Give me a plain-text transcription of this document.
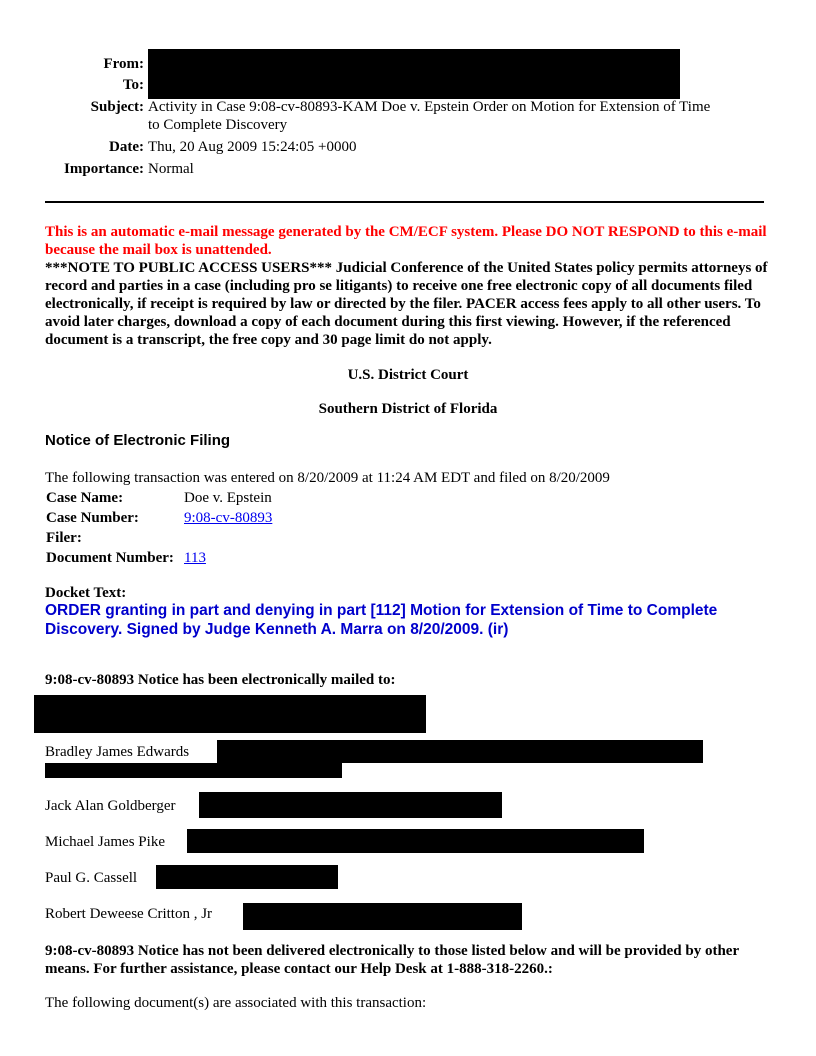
From:
To:
Subject: Activity in Case 9:08-cv-80893-KAM Doe v. Epstein Order on Motion for Extension of Time
to Complete Discovery
Date: Thu, 20 Aug 2009 15:24:05 +0000
Importance: Normal
This is an automatic e-mail message generated by the CM/ECF system. Please DO NOT RESPOND to this e-mail because the mail box is unattended.
***NOTE TO PUBLIC ACCESS USERS*** Judicial Conference of the United States policy permits attorneys of record and parties in a case (including pro se litigants) to receive one free electronic copy of all documents filed electronically, if receipt is required by law or directed by the filer. PACER access fees apply to all other users. To avoid later charges, download a copy of each document during this first viewing. However, if the referenced document is a transcript, the free copy and 30 page limit do not apply.
U.S. District Court
Southern District of Florida
Notice of Electronic Filing
The following transaction was entered on 8/20/2009 at 11:24 AM EDT and filed on 8/20/2009
Case Name:	Doe v. Epstein
Case Number:	9:08-cv-80893
Filer:
Document Number: 113
Docket Text:
ORDER granting in part and denying in part [112] Motion for Extension of Time to Complete Discovery. Signed by Judge Kenneth A. Marra on 8/20/2009. (ir)
9:08-cv-80893 Notice has been electronically mailed to:
Bradley James Edwards
Jack Alan Goldberger
Michael James Pike
Paul G. Cassell
Robert Deweese Critton , Jr
9:08-cv-80893 Notice has not been delivered electronically to those listed below and will be provided by other means. For further assistance, please contact our Help Desk at 1-888-318-2260.:
The following document(s) are associated with this transaction:
